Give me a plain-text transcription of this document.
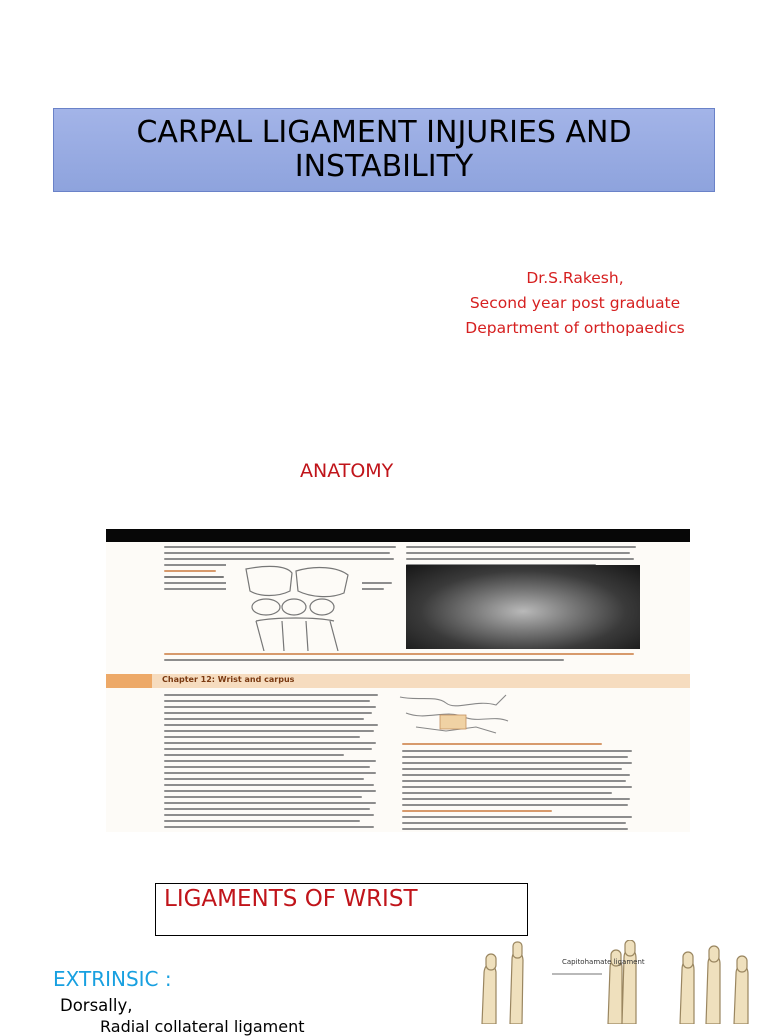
CARPAL LIGAMENT INJURIES AND
INSTABILITY
Dr.S.Rakesh,
Second year post graduate
Department of orthopaedics
ANATOMY
Chapter 12: Wrist and carpus
LIGAMENTS OF WRIST
EXTRINSIC :
Dorsally,
Radial collateral ligament
Capitohamate ligament
